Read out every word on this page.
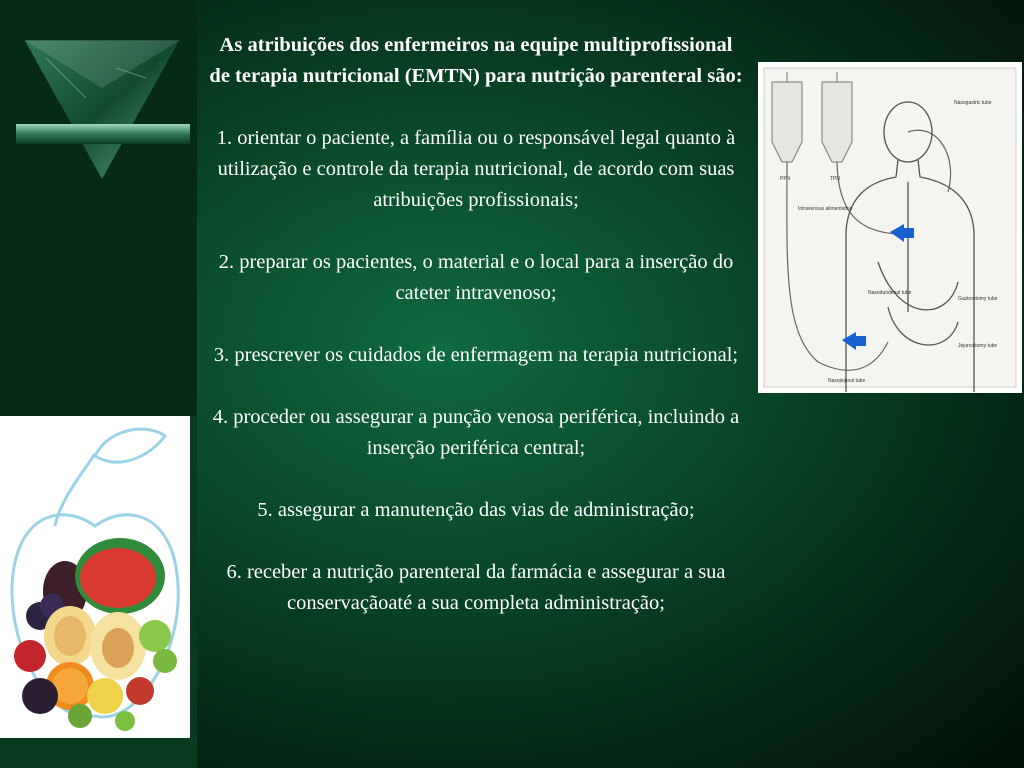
As atribuições dos enfermeiros na equipe multiprofissional de terapia nutricional (EMTN) para nutrição parenteral são:

1. orientar o paciente, a família ou o responsável legal quanto à utilização e controle da terapia nutricional, de acordo com suas atribuições profissionais;

2. preparar os pacientes, o material e o local para a inserção do cateter intravenoso;

3. prescrever os cuidados de enfermagem na terapia nutricional;

4. proceder ou assegurar a punção venosa periférica, incluindo a inserção periférica central;

5. assegurar a manutenção das vias de administração;

6. receber a nutrição parenteral da farmácia e assegurar a sua conservaçãoaté a sua completa administração;

PPN	TPN
Intravenous alimentation
Nasogastric tube
Nasoduodenal tube
Gastrostomy tube
Jejunostomy tube
Nasojejunal tube
